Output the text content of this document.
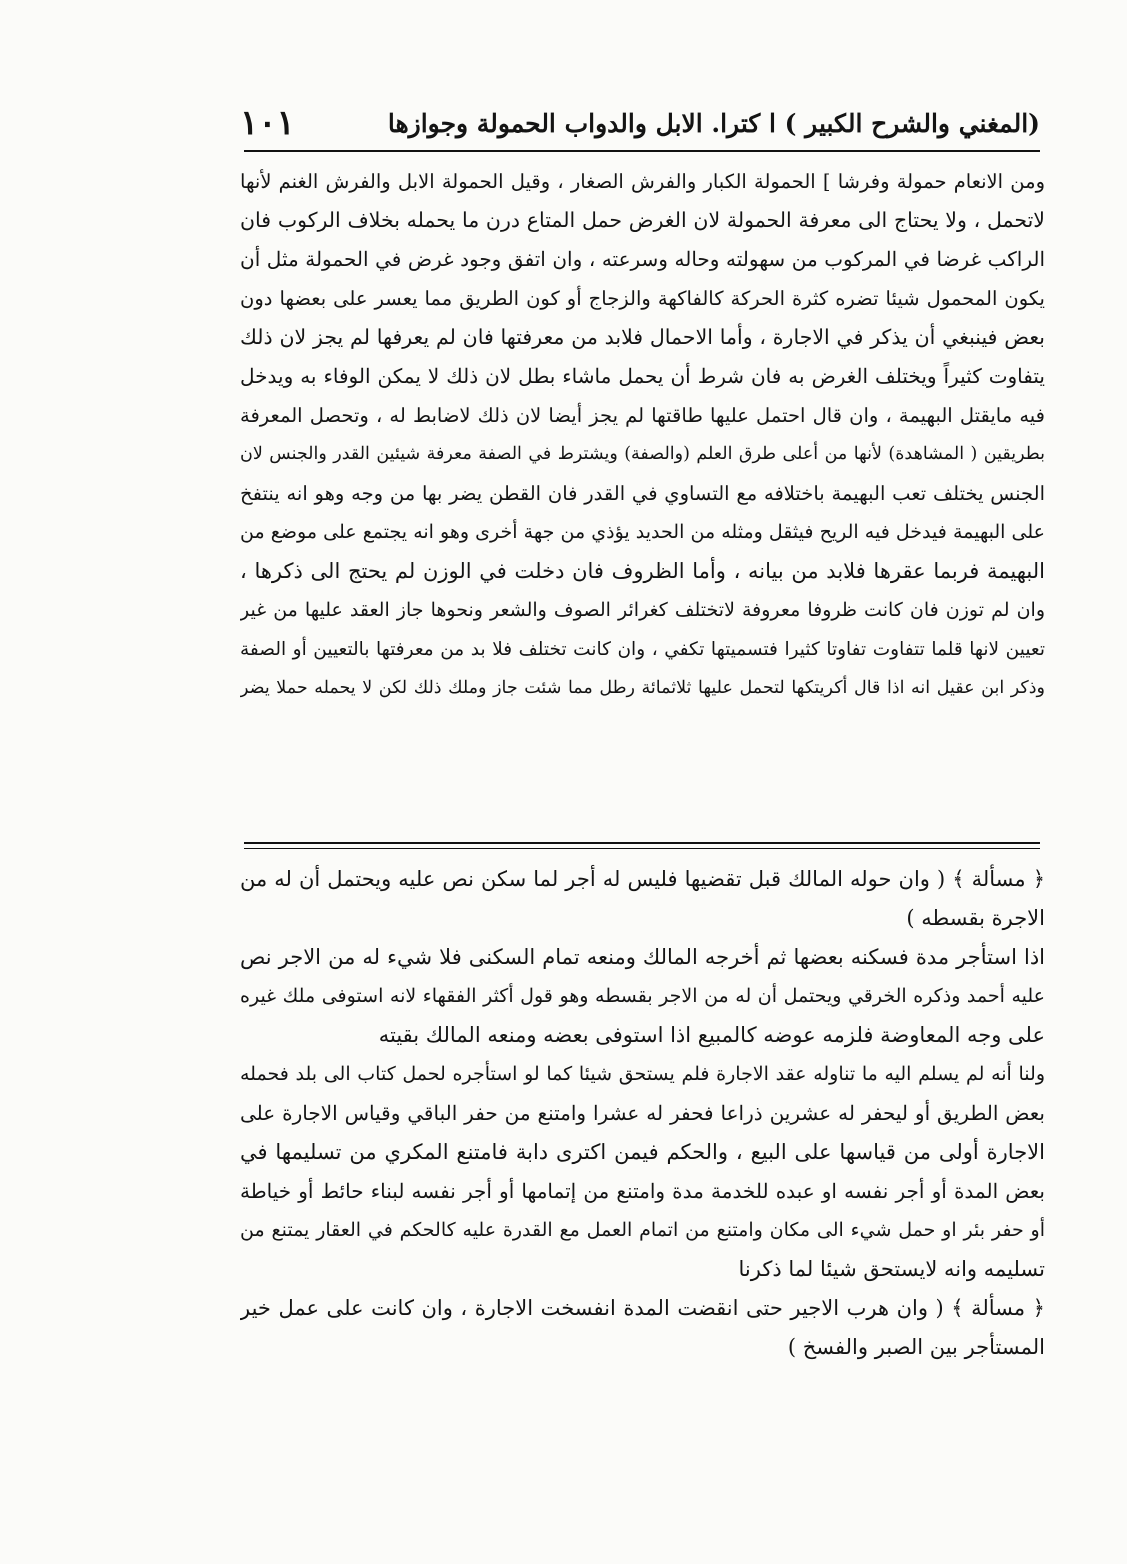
(المغني والشرح الكبير ) ا كترا. الابل والدواب الحمولة وجوازها
١٠١
ومن الانعام حمولة وفرشا ] الحمولة الكبار والفرش الصغار ، وقيل الحمولة الابل والفرش الغنم لأنها
لاتحمل ، ولا يحتاج الى معرفة الحمولة لان الغرض حمل المتاع درن ما يحمله بخلاف الركوب فان
الراكب غرضا في المركوب من سهولته وحاله وسرعته ، وان اتفق وجود غرض في الحمولة مثل أن
يكون المحمول شيئا تضره كثرة الحركة كالفاكهة والزجاج أو كون الطريق مما يعسر على بعضها دون
بعض فينبغي أن يذكر في الاجارة ، وأما الاحمال فلابد من معرفتها فان لم يعرفها لم يجز لان ذلك
يتفاوت كثيراً ويختلف الغرض به فان شرط أن يحمل ماشاء بطل لان ذلك لا يمكن الوفاء به ويدخل
فيه مايقتل البهيمة ، وان قال احتمل عليها طاقتها لم يجز أيضا لان ذلك لاضابط له ، وتحصل المعرفة
بطريقين ( المشاهدة) لأنها من أعلى طرق العلم (والصفة) ويشترط في الصفة معرفة شيئين القدر والجنس لان
الجنس يختلف تعب البهيمة باختلافه مع التساوي في القدر فان القطن يضر بها من وجه وهو انه ينتفخ
على البهيمة فيدخل فيه الريح فيثقل ومثله من الحديد يؤذي من جهة أخرى وهو انه يجتمع على موضع من
البهيمة فربما عقرها فلابد من بيانه ، وأما الظروف فان دخلت في الوزن لم يحتج الى ذكرها ،
وان لم توزن فان كانت ظروفا معروفة لاتختلف كغرائر الصوف والشعر ونحوها جاز العقد عليها من غير
تعيين لانها قلما تتفاوت تفاوتا كثيرا فتسميتها تكفي ، وان كانت تختلف فلا بد من معرفتها بالتعيين أو الصفة
وذكر ابن عقيل انه اذا قال أكريتكها لتحمل عليها ثلاثمائة رطل مما شئت جاز وملك ذلك لكن لا يحمله حملا يضر
﴿ مسألة ﴾ ( وان حوله المالك قبل تقضيها فليس له أجر لما سكن نص عليه ويحتمل أن له من
الاجرة بقسطه )
اذا استأجر مدة فسكنه بعضها ثم أخرجه المالك ومنعه تمام السكنى فلا شيء له من الاجر نص
عليه أحمد وذكره الخرقي ويحتمل أن له من الاجر بقسطه وهو قول أكثر الفقهاء لانه استوفى ملك غيره
على وجه المعاوضة فلزمه عوضه كالمبيع اذا استوفى بعضه ومنعه المالك بقيته
ولنا أنه لم يسلم اليه ما تناوله عقد الاجارة فلم يستحق شيئا كما لو استأجره لحمل كتاب الى بلد فحمله
بعض الطريق أو ليحفر له عشرين ذراعا فحفر له عشرا وامتنع من حفر الباقي وقياس الاجارة على
الاجارة أولى من قياسها على البيع ، والحكم فيمن اكترى دابة فامتنع المكري من تسليمها في
بعض المدة أو أجر نفسه او عبده للخدمة مدة وامتنع من إتمامها أو أجر نفسه لبناء حائط أو خياطة
أو حفر بئر او حمل شيء الى مكان وامتنع من اتمام العمل مع القدرة عليه كالحكم في العقار يمتنع من
تسليمه وانه لايستحق شيئا لما ذكرنا
﴿ مسألة ﴾ ( وان هرب الاجير حتى انقضت المدة انفسخت الاجارة ، وان كانت على عمل خير
المستأجر بين الصبر والفسخ )
